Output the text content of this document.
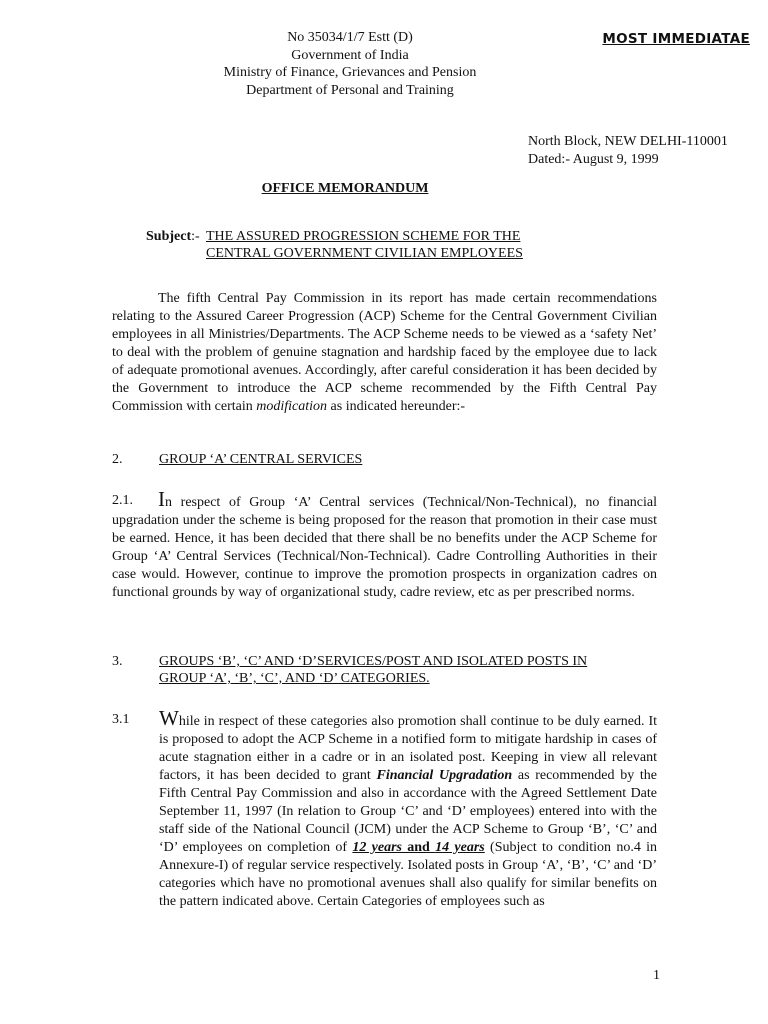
No 35034/1/7 Estt (D)
Government of India
Ministry of Finance, Grievances and Pension
Department of Personal and Training
MOST IMMEDIATAE
North Block, NEW DELHI-110001
Dated:- August 9, 1999
OFFICE MEMORANDUM
Subject:- THE ASSURED PROGRESSION SCHEME FOR THE
CENTRAL GOVERNMENT CIVILIAN EMPLOYEES
The fifth Central Pay Commission in its report has made certain recommendations relating to the Assured Career Progression (ACP) Scheme for the Central Government Civilian employees in all Ministries/Departments. The ACP Scheme needs to be viewed as a ‘safety Net’ to deal with the problem of genuine stagnation and hardship faced by the employee due to lack of adequate promotional avenues. Accordingly, after careful consideration it has been decided by the Government to introduce the ACP scheme recommended by the Fifth Central Pay Commission with certain modification as indicated hereunder:-
2.	GROUP ‘A’ CENTRAL SERVICES
2.1.	In respect of Group ‘A’ Central services (Technical/Non-Technical), no financial upgradation under the scheme is being proposed for the reason that promotion in their case must be earned. Hence, it has been decided that there shall be no benefits under the ACP Scheme for Group ‘A’ Central Services (Technical/Non-Technical). Cadre Controlling Authorities in their case would. However, continue to improve the promotion prospects in organization cadres on functional grounds by way of organizational study, cadre review, etc as per prescribed norms.
3.	GROUPS ‘B’, ‘C’ AND ‘D’SERVICES/POST AND ISOLATED POSTS IN
GROUP ‘A’, ‘B’, ‘C’, AND ‘D’ CATEGORIES.
3.1 While in respect of these categories also promotion shall continue to be duly earned. It is proposed to adopt the ACP Scheme in a notified form to mitigate hardship in cases of acute stagnation either in a cadre or in an isolated post. Keeping in view all relevant factors, it has been decided to grant Financial Upgradation as recommended by the Fifth Central Pay Commission and also in accordance with the Agreed Settlement Date September 11, 1997 (In relation to Group ‘C’ and ‘D’ employees) entered into with the staff side of the National Council (JCM) under the ACP Scheme to Group ‘B’, ‘C’ and ‘D’ employees on completion of 12 years and 14 years (Subject to condition no.4 in Annexure-I) of regular service respectively. Isolated posts in Group ‘A’, ‘B’, ‘C’ and ‘D’ categories which have no promotional avenues shall also qualify for similar benefits on the pattern indicated above. Certain Categories of employees such as
1
